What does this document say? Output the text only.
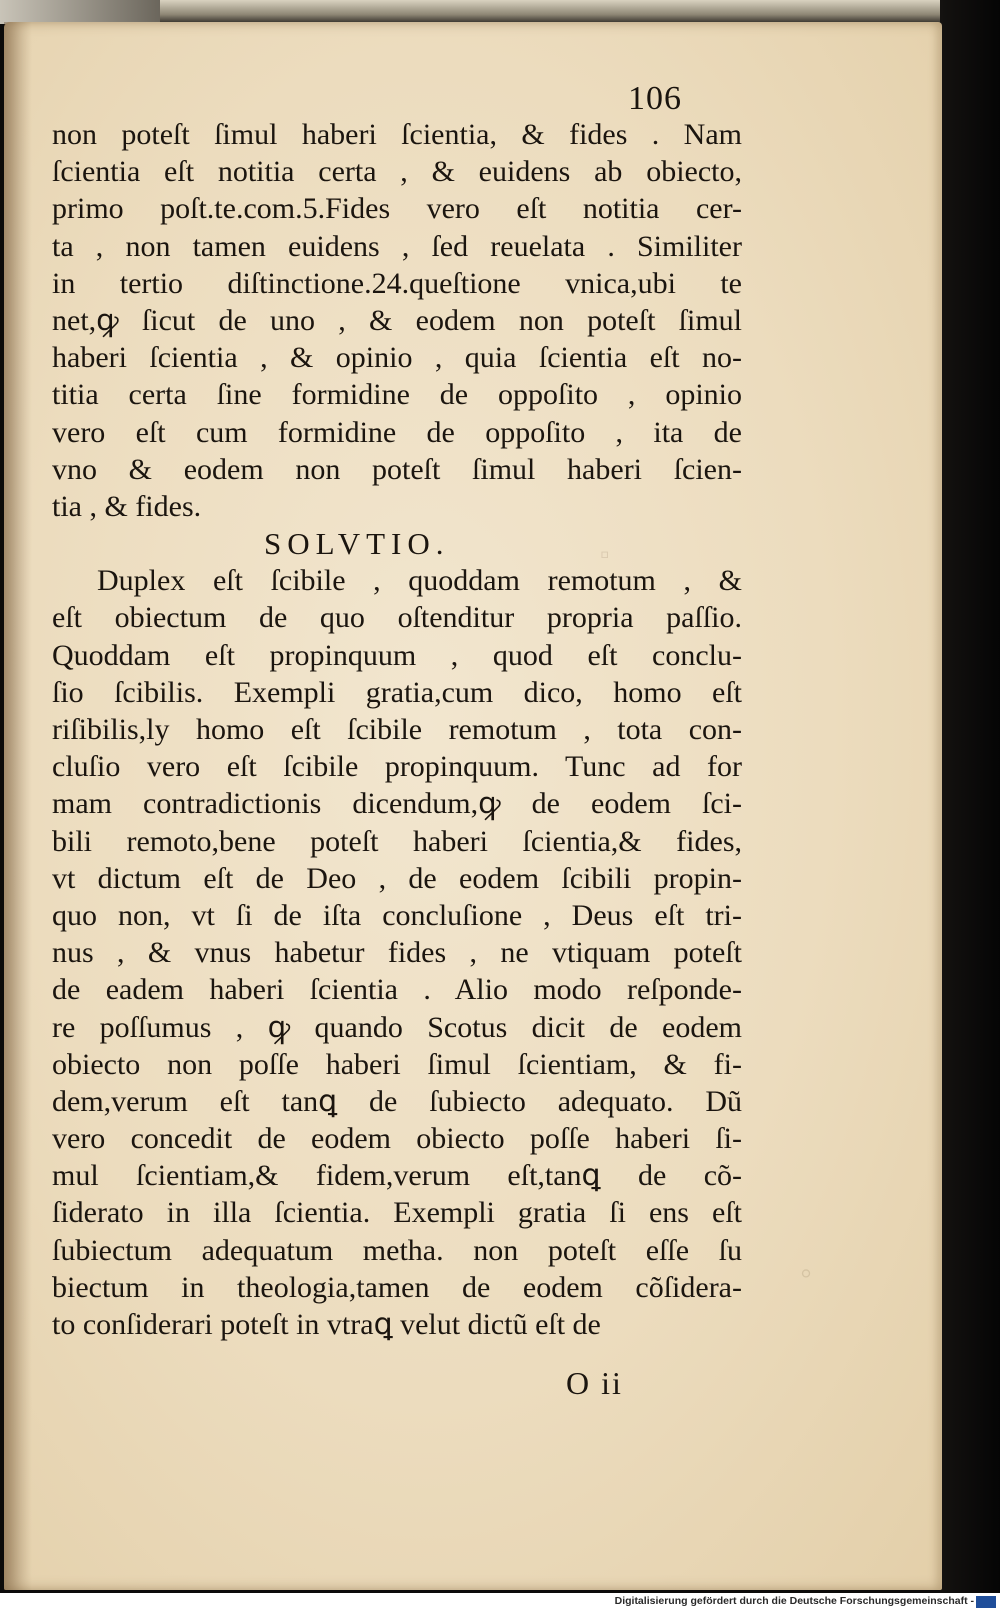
▫
◦
106
non poteſt ſimul haberi ſcientia, & fides . Nam
ſcientia eſt notitia certa , & euidens ab obiecto,
primo poſt.te.com.5.Fides vero eſt notitia cer-
ta , non tamen euidens , ſed reuelata . Similiter
in tertio diſtinctione.24.queſtione vnica,ubi te
net,ꝙ ſicut de uno , & eodem non poteſt ſimul
haberi ſcientia , & opinio , quia ſcientia eſt no-
titia certa ſine formidine de oppoſito , opinio
vero eſt cum formidine de oppoſito , ita de
vno & eodem non poteſt ſimul haberi ſcien-
tia , & fides.
SOLVTIO.
Duplex eſt ſcibile , quoddam remotum , &
eſt obiectum de quo oſtenditur propria paſſio.
Quoddam eſt propinquum , quod eſt conclu-
ſio ſcibilis. Exempli gratia,cum dico, homo eſt
riſibilis,ly homo eſt ſcibile remotum , tota con-
cluſio vero eſt ſcibile propinquum. Tunc ad for
mam contradictionis dicendum,ꝙ de eodem ſci-
bili remoto,bene poteſt haberi ſcientia,& fides,
vt dictum eſt de Deo , de eodem ſcibili propin-
quo non, vt ſi de iſta concluſione , Deus eſt tri-
nus , & vnus habetur fides , ne vtiquam poteſt
de eadem haberi ſcientia . Alio modo reſponde-
re poſſumus , ꝙ quando Scotus dicit de eodem
obiecto non poſſe haberi ſimul ſcientiam, & fi-
dem,verum eſt tanꝗ de ſubiecto adequato. Dũ
vero concedit de eodem obiecto poſſe haberi ſi-
mul ſcientiam,& fidem,verum eſt,tanꝗ de cõ-
ſiderato in illa ſcientia. Exempli gratia ſi ens eſt
ſubiectum adequatum metha. non poteſt eſſe ſu
biectum in theologia,tamen de eodem cõſidera-
to conſiderari poteſt in vtraꝗ velut dictũ eſt de
O ii
Digitalisierung gefördert durch die Deutsche Forschungsgemeinschaft -
